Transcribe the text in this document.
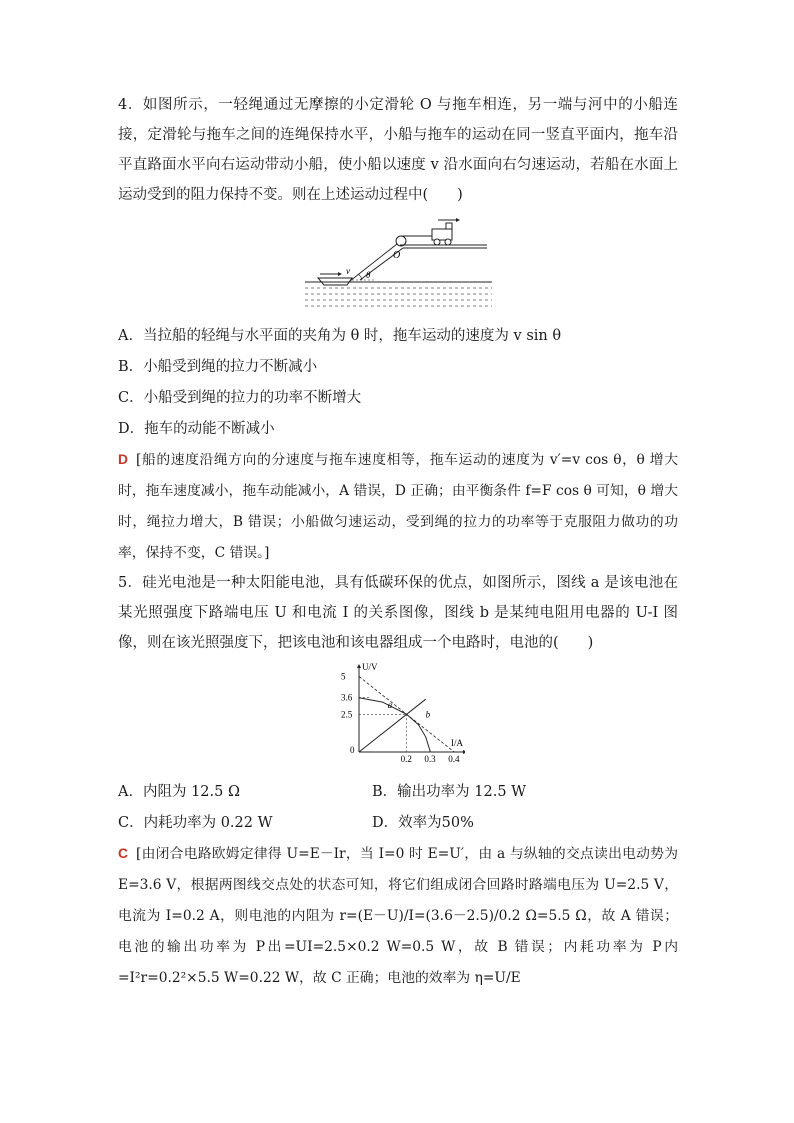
4．如图所示，一轻绳通过无摩擦的小定滑轮 O 与拖车相连，另一端与河中的小船连接，定滑轮与拖车之间的连绳保持水平，小船与拖车的运动在同一竖直平面内，拖车沿平直路面水平向右运动带动小船，使小船以速度 v 沿水面向右匀速运动，若船在水面上运动受到的阻力保持不变。则在上述运动过程中(　　)
O
v θ
A．当拉船的轻绳与水平面的夹角为 θ 时，拖车运动的速度为 v sin θ
B．小船受到绳的拉力不断减小
C．小船受到绳的拉力的功率不断增大
D．拖车的动能不断减小
D [船的速度沿绳方向的分速度与拖车速度相等，拖车运动的速度为 v′=v cos θ，θ 增大时，拖车速度减小，拖车动能减小，A 错误，D 正确；由平衡条件 f=F cos θ 可知，θ 增大时，绳拉力增大，B 错误；小船做匀速运动，受到绳的拉力的功率等于克服阻力做功的功率，保持不变，C 错误。]
5．硅光电池是一种太阳能电池，具有低碳环保的优点，如图所示，图线 a 是该电池在某光照强度下路端电压 U 和电流 I 的关系图像，图线 b 是某纯电阻用电器的 U-I 图像，则在该光照强度下，把该电池和该电器组成一个电路时，电池的(　　)
U/V
I/A
0
2.5
3.6
5
0.2 0.3 0.4
a
b
A．内阻为 12.5 Ω	B．输出功率为 12.5 W
C．内耗功率为 0.22 W	D．效率为50%
C [由闭合电路欧姆定律得 U=E－Ir，当 I=0 时 E=U′，由 a 与纵轴的交点读出电动势为 E=3.6 V，根据两图线交点处的状态可知，将它们组成闭合回路时路端电压为 U=2.5 V，电流为 I=0.2 A，则电池的内阻为 r=(E－U)/I=(3.6－2.5)/0.2 Ω=5.5 Ω，故 A 错误；电池的输出功率为 P出=UI=2.5×0.2 W=0.5 W，故 B 错误；内耗功率为 P内=I²r=0.2²×5.5 W=0.22 W，故 C 正确；电池的效率为 η=U/E
